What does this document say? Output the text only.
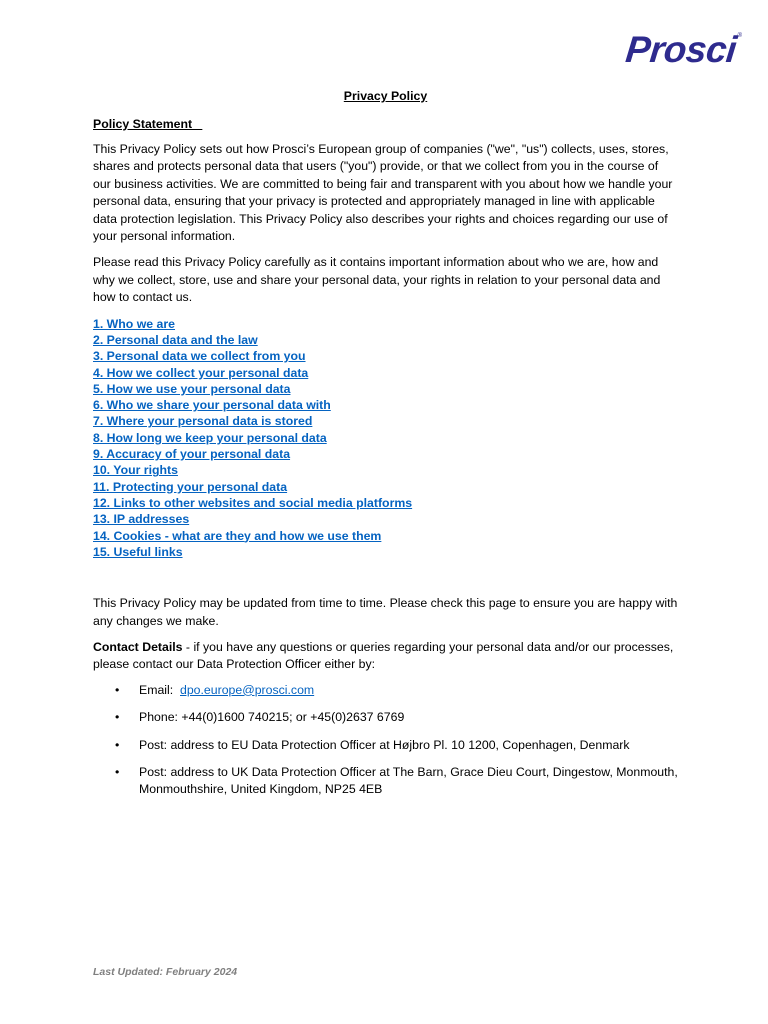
Prosci
®
Privacy Policy
Policy Statement

This Privacy Policy sets out how Prosci’s European group of companies ("we", "us") collects, uses, stores, shares and protects personal data that users ("you") provide, or that we collect from you in the course of our business activities. We are committed to being fair and transparent with you about how we handle your personal data, ensuring that your privacy is protected and appropriately managed in line with applicable data protection legislation. This Privacy Policy also describes your rights and choices regarding our use of your personal information.

Please read this Privacy Policy carefully as it contains important information about who we are, how and why we collect, store, use and share your personal data, your rights in relation to your personal data and how to contact us.

1. Who we are
2. Personal data and the law
3. Personal data we collect from you
4. How we collect your personal data
5. How we use your personal data
6. Who we share your personal data with
7. Where your personal data is stored
8. How long we keep your personal data
9. Accuracy of your personal data
10. Your rights
11. Protecting your personal data
12. Links to other websites and social media platforms
13. IP addresses
14. Cookies - what are they and how we use them
15. Useful links

This Privacy Policy may be updated from time to time. Please check this page to ensure you are happy with any changes we make.

Contact Details - if you have any questions or queries regarding your personal data and/or our processes, please contact our Data Protection Officer either by:

• Email:  dpo.europe@prosci.com
• Phone: +44(0)1600 740215; or +45(0)2637 6769
• Post: address to EU Data Protection Officer at Højbro Pl. 10 1200, Copenhagen, Denmark
• Post: address to UK Data Protection Officer at The Barn, Grace Dieu Court, Dingestow, Monmouth, Monmouthshire, United Kingdom, NP25 4EB
Last Updated: February 2024
